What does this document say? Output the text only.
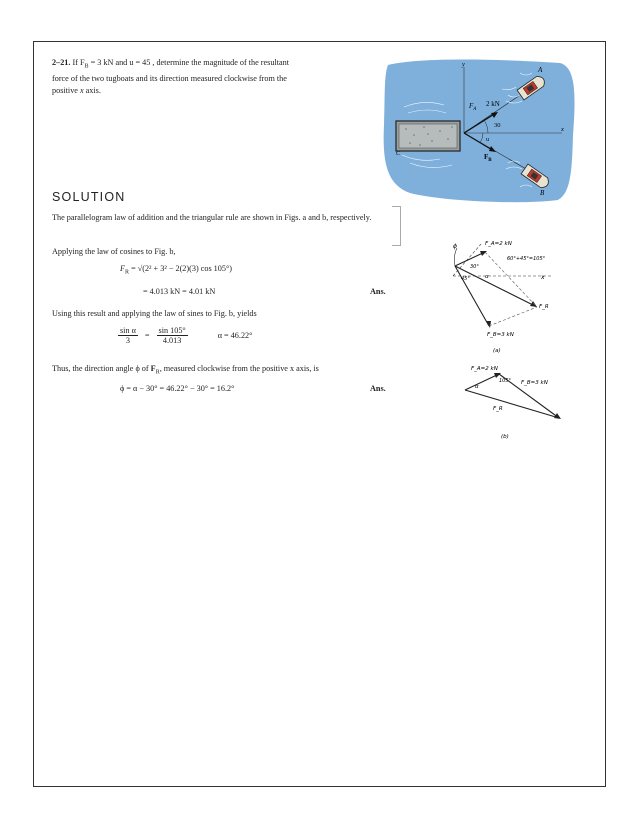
2–21. If $F_B = 3$ kN and u = 45 , determine the magnitude of the resultant force of the two tugboats and its direction measured clockwise from the positive x axis.
C
y
x
$F_A$
2 kN
30
u
$F_B$
A
B
SOLUTION
The parallelogram law of addition and the triangular rule are shown in Figs. a and b, respectively.
Applying the law of cosines to Fig. b,
$F_R = √(2^2 + 3^2 - 2(2)(3)$ cos 105°)
= 4.013 kN = 4.01 kN	Ans.
Using this result and applying the law of sines to Fig. b, yields
$\frac{\text{sin α}}{3} = \frac{\sin 105^\circ}{4.013}$	α = 46.22°
Thus, the direction angle ϕ of $F_R$, measured clockwise from the positive x axis, is
ϕ = α − 30° = 46.22° − 30° = 16.2°	Ans.
ϕ	F_A=2 kN
60°+45°=105°
30°
45°	α	x
F_R
F_B=3 kN
(a)
F_A=2 kN
105° F_B=3 kN
α
F_R
(b)
